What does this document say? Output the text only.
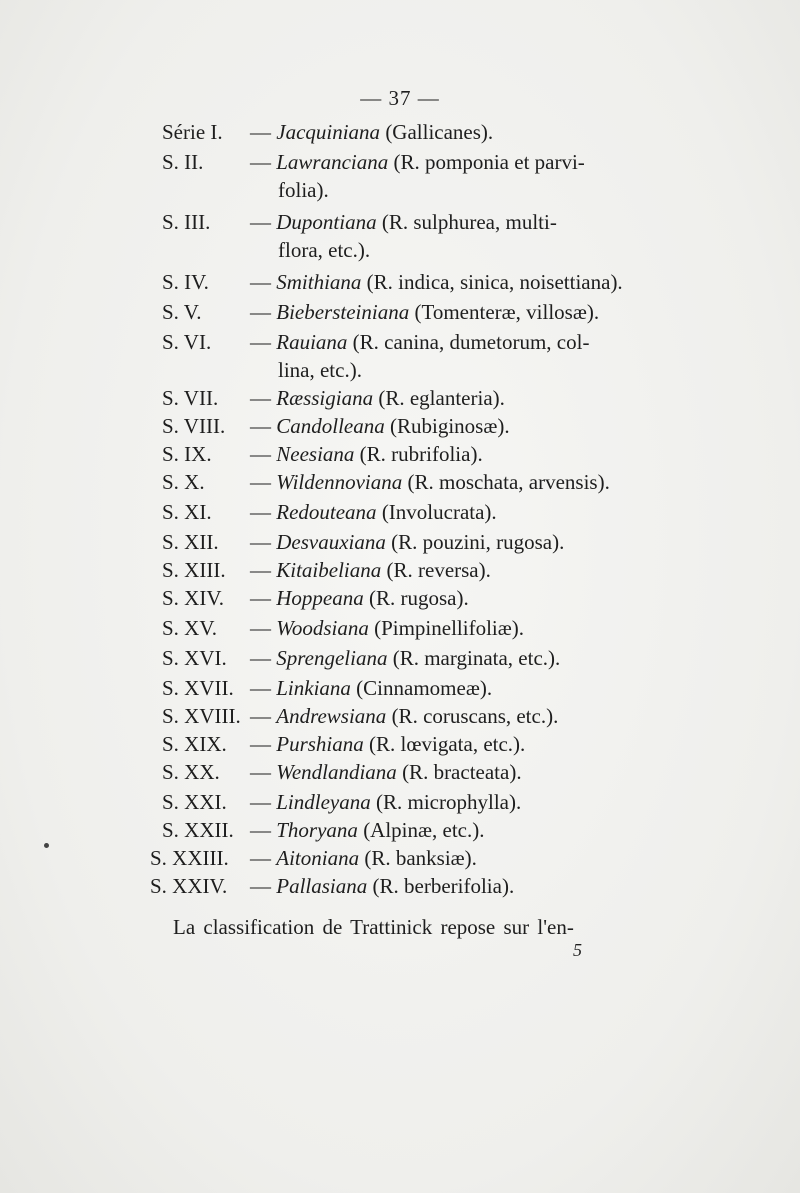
— 37 —
Série I. — Jacquiniana (Gallicanes).
S. II. — Lawranciana (R. pomponia et parvi-
folia).
S. III. — Dupontiana (R. sulphurea, multi-
flora, etc.).
S. IV. — Smithiana (R. indica, sinica, noisettiana).
S. V. — Biebersteiniana (Tomenteræ, villosæ).
S. VI. — Rauiana (R. canina, dumetorum, col-
lina, etc.).
S. VII. — Ræssigiana (R. eglanteria).
S. VIII. — Candolleana (Rubiginosæ).
S. IX. — Neesiana (R. rubrifolia).
S. X. — Wildennoviana (R. moschata, arvensis).
S. XI. — Redouteana (Involucrata).
S. XII. — Desvauxiana (R. pouzini, rugosa).
S. XIII. — Kitaibeliana (R. reversa).
S. XIV. — Hoppeana (R. rugosa).
S. XV. — Woodsiana (Pimpinellifoliæ).
S. XVI. — Sprengeliana (R. marginata, etc.).
S. XVII. — Linkiana (Cinnamomeæ).
S. XVIII. — Andrewsiana (R. coruscans, etc.).
S. XIX. — Purshiana (R. lœvigata, etc.).
S. XX. — Wendlandiana (R. bracteata).
S. XXI. — Lindleyana (R. microphylla).
S. XXII. — Thoryana (Alpinæ, etc.).
S. XXIII. — Aitoniana (R. banksiæ).
S. XXIV. — Pallasiana (R. berberifolia).
La classification de Trattinick repose sur l'en-
5
